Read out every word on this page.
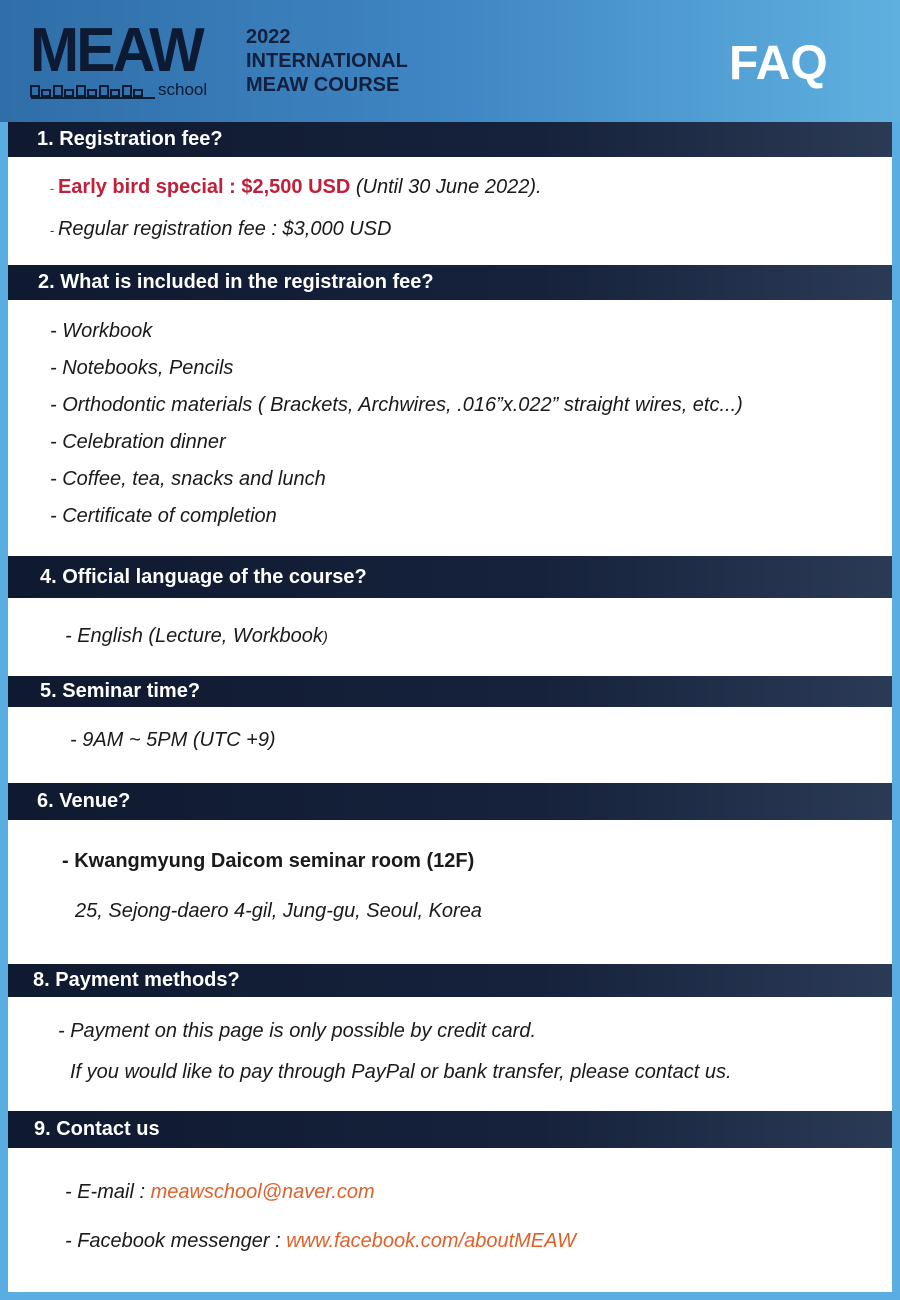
MEAW
school
2022
INTERNATIONAL
MEAW COURSE	FAQ
1. Registration fee?
- Early bird special : $2,500 USD (Until 30 June 2022).
- Regular registration fee : $3,000 USD
2. What is included in the registraion fee?
- Workbook
- Notebooks, Pencils
- Orthodontic materials ( Brackets, Archwires, .016”x.022” straight wires, etc...)
- Celebration dinner
- Coffee, tea, snacks and lunch
- Certificate of completion
4. Official language of the course?
- English (Lecture, Workbook)
5. Seminar time?
- 9AM ~ 5PM (UTC +9)
6. Venue?
- Kwangmyung Daicom seminar room (12F)
25, Sejong-daero 4-gil, Jung-gu, Seoul, Korea
8. Payment methods?
- Payment on this page is only possible by credit card.
If you would like to pay through PayPal or bank transfer, please contact us.
9. Contact us
- E-mail : meawschool@naver.com
- Facebook messenger : www.facebook.com/aboutMEAW
